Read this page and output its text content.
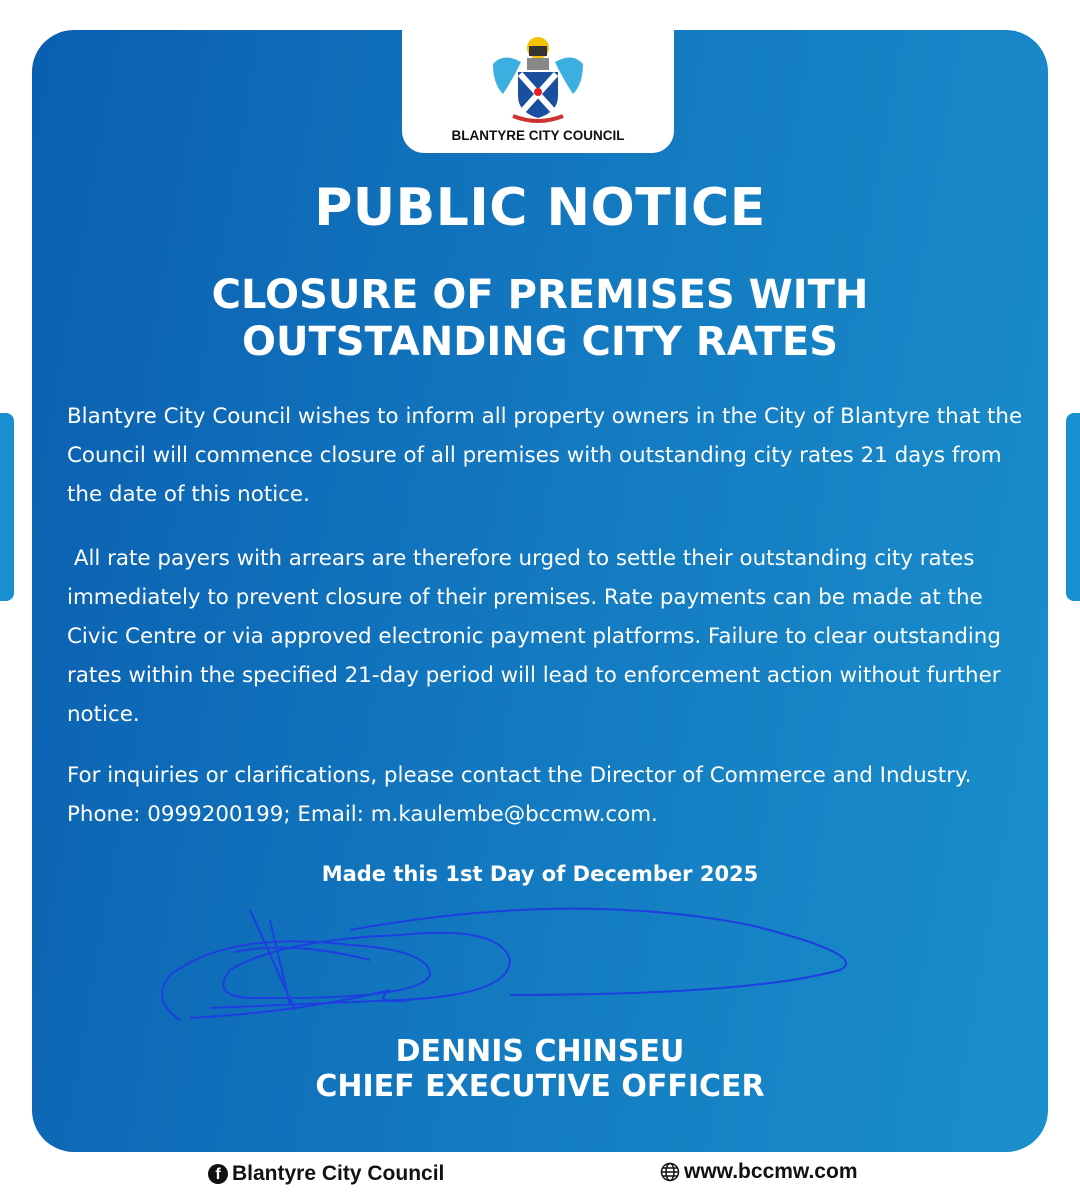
BLANTYRE CITY COUNCIL
PUBLIC NOTICE
CLOSURE OF PREMISES WITH
OUTSTANDING CITY RATES
Blantyre City Council wishes to inform all property owners in the City of Blantyre that the Council will commence closure of all premises with outstanding city rates 21 days from the date of this notice.
All rate payers with arrears are therefore urged to settle their outstanding city rates immediately to prevent closure of their premises. Rate payments can be made at the Civic Centre or via approved electronic payment platforms. Failure to clear outstanding rates within the specified 21-day period will lead to enforcement action without further notice.
For inquiries or clarifications, please contact the Director of Commerce and Industry. Phone: 0999200199; Email: m.kaulembe@bccmw.com.
Made this 1st Day of December 2025
DENNIS CHINSEU
CHIEF EXECUTIVE OFFICER
f Blantyre City Council	www.bccmw.com
